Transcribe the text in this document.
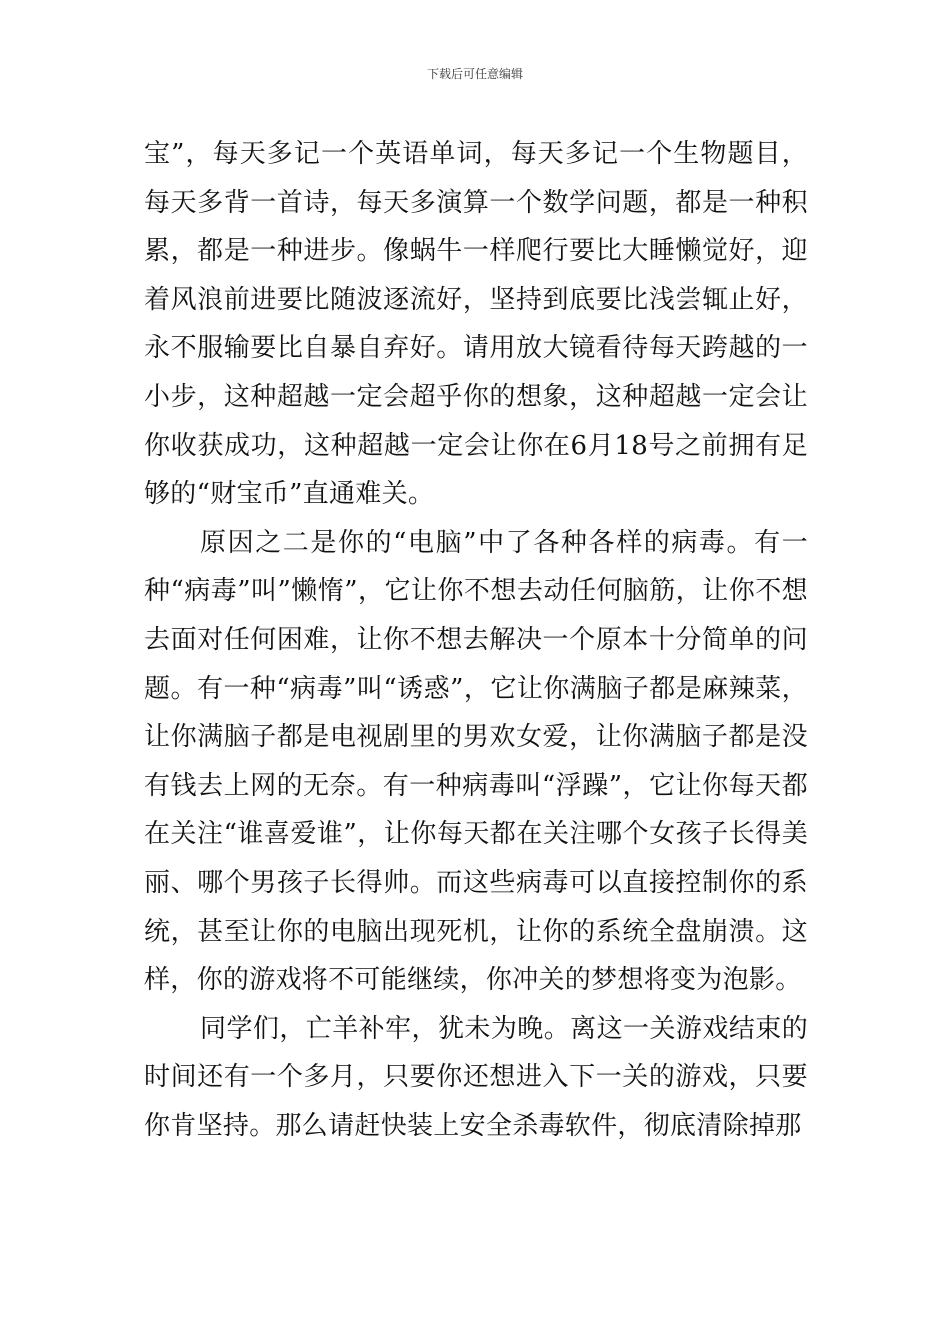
下载后可任意编辑

宝”，每天多记一个英语单词，每天多记一个生物题目，每天多背一首诗，每天多演算一个数学问题，都是一种积累，都是一种进步。像蜗牛一样爬行要比大睡懒觉好，迎着风浪前进要比随波逐流好，坚持到底要比浅尝辄止好，永不服输要比自暴自弃好。请用放大镜看待每天跨越的一小步，这种超越一定会超乎你的想象，这种超越一定会让你收获成功，这种超越一定会让你在6月18号之前拥有足够的“财宝币”直通难关。

原因之二是你的“电脑”中了各种各样的病毒。有一种“病毒”叫”懒惰”，它让你不想去动任何脑筋，让你不想去面对任何困难，让你不想去解决一个原本十分简单的问题。有一种“病毒”叫“诱惑”，它让你满脑子都是麻辣菜，让你满脑子都是电视剧里的男欢女爱，让你满脑子都是没有钱去上网的无奈。有一种病毒叫“浮躁”，它让你每天都在关注“谁喜爱谁”，让你每天都在关注哪个女孩子长得美丽、哪个男孩子长得帅。而这些病毒可以直接控制你的系统，甚至让你的电脑出现死机，让你的系统全盘崩溃。这样，你的游戏将不可能继续，你冲关的梦想将变为泡影。

同学们，亡羊补牢，犹未为晚。离这一关游戏结束的时间还有一个多月，只要你还想进入下一关的游戏，只要你肯坚持。那么请赶快装上安全杀毒软件，彻底清除掉那
